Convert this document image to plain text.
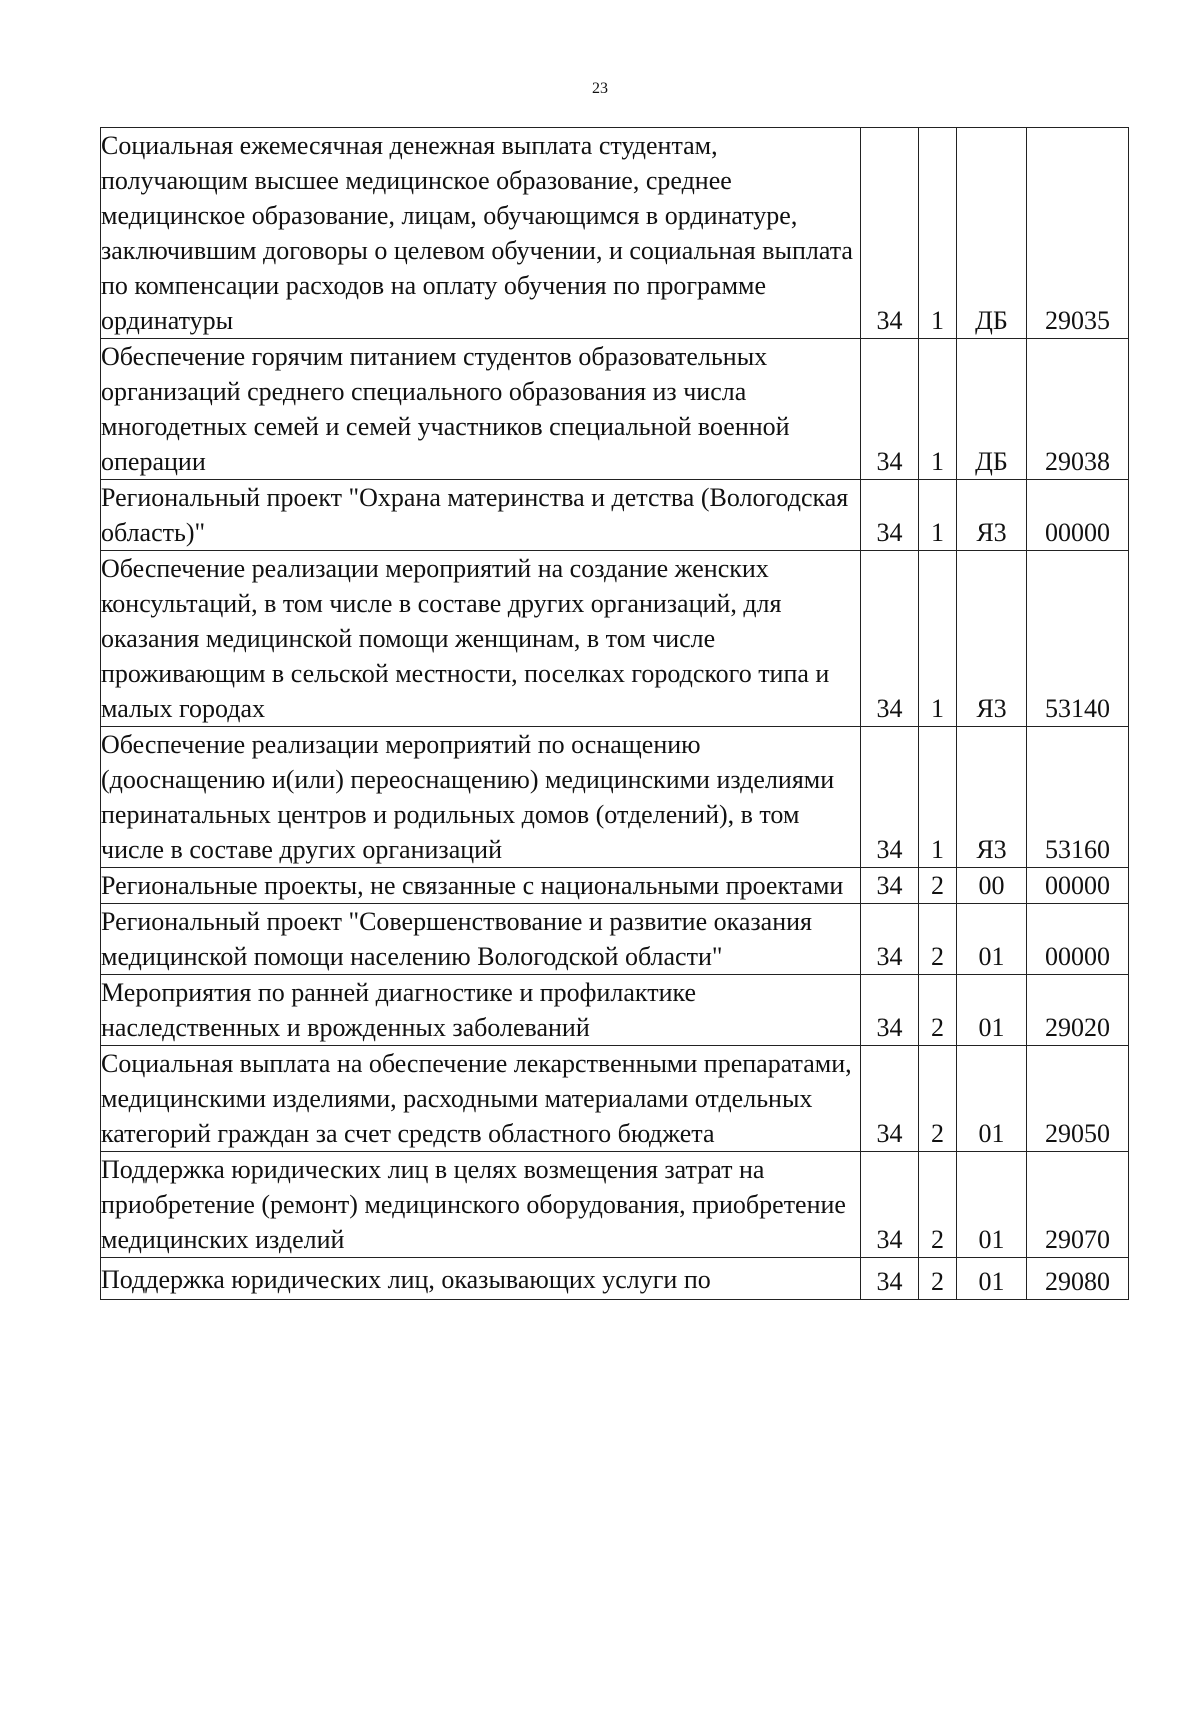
23
Социальная ежемесячная денежная выплата студентам, получающим высшее медицинское образование, среднее медицинское образование, лицам, обучающимся в ординатуре, заключившим договоры о целевом обучении, и социальная выплата по компенсации расходов на оплату обучения по программе ординатуры	34	1	ДБ	29035
Обеспечение горячим питанием студентов образовательных организаций среднего специального образования из числа многодетных семей и семей участников специальной военной операции	34	1	ДБ	29038
Региональный проект "Охрана материнства и детства (Вологодская область)"	34	1	Я3	00000
Обеспечение реализации мероприятий на создание женских консультаций, в том числе в составе других организаций, для оказания медицинской помощи женщинам, в том числе проживающим в сельской местности, поселках городского типа и малых городах	34	1	Я3	53140
Обеспечение реализации мероприятий по оснащению (дооснащению и(или) переоснащению) медицинскими изделиями перинатальных центров и родильных домов (отделений), в том числе в составе других организаций	34	1	Я3	53160
Региональные проекты, не связанные с национальными проектами	34	2	00	00000
Региональный проект "Совершенствование и развитие оказания медицинской помощи населению Вологодской области"	34	2	01	00000
Мероприятия по ранней диагностике и профилактике наследственных и врожденных заболеваний	34	2	01	29020
Социальная выплата на обеспечение лекарственными препаратами, медицинскими изделиями, расходными материалами отдельных категорий граждан за счет средств областного бюджета	34	2	01	29050
Поддержка юридических лиц в целях возмещения затрат на приобретение (ремонт) медицинского оборудования, приобретение медицинских изделий	34	2	01	29070
Поддержка юридических лиц, оказывающих услуги по	34	2	01	29080
